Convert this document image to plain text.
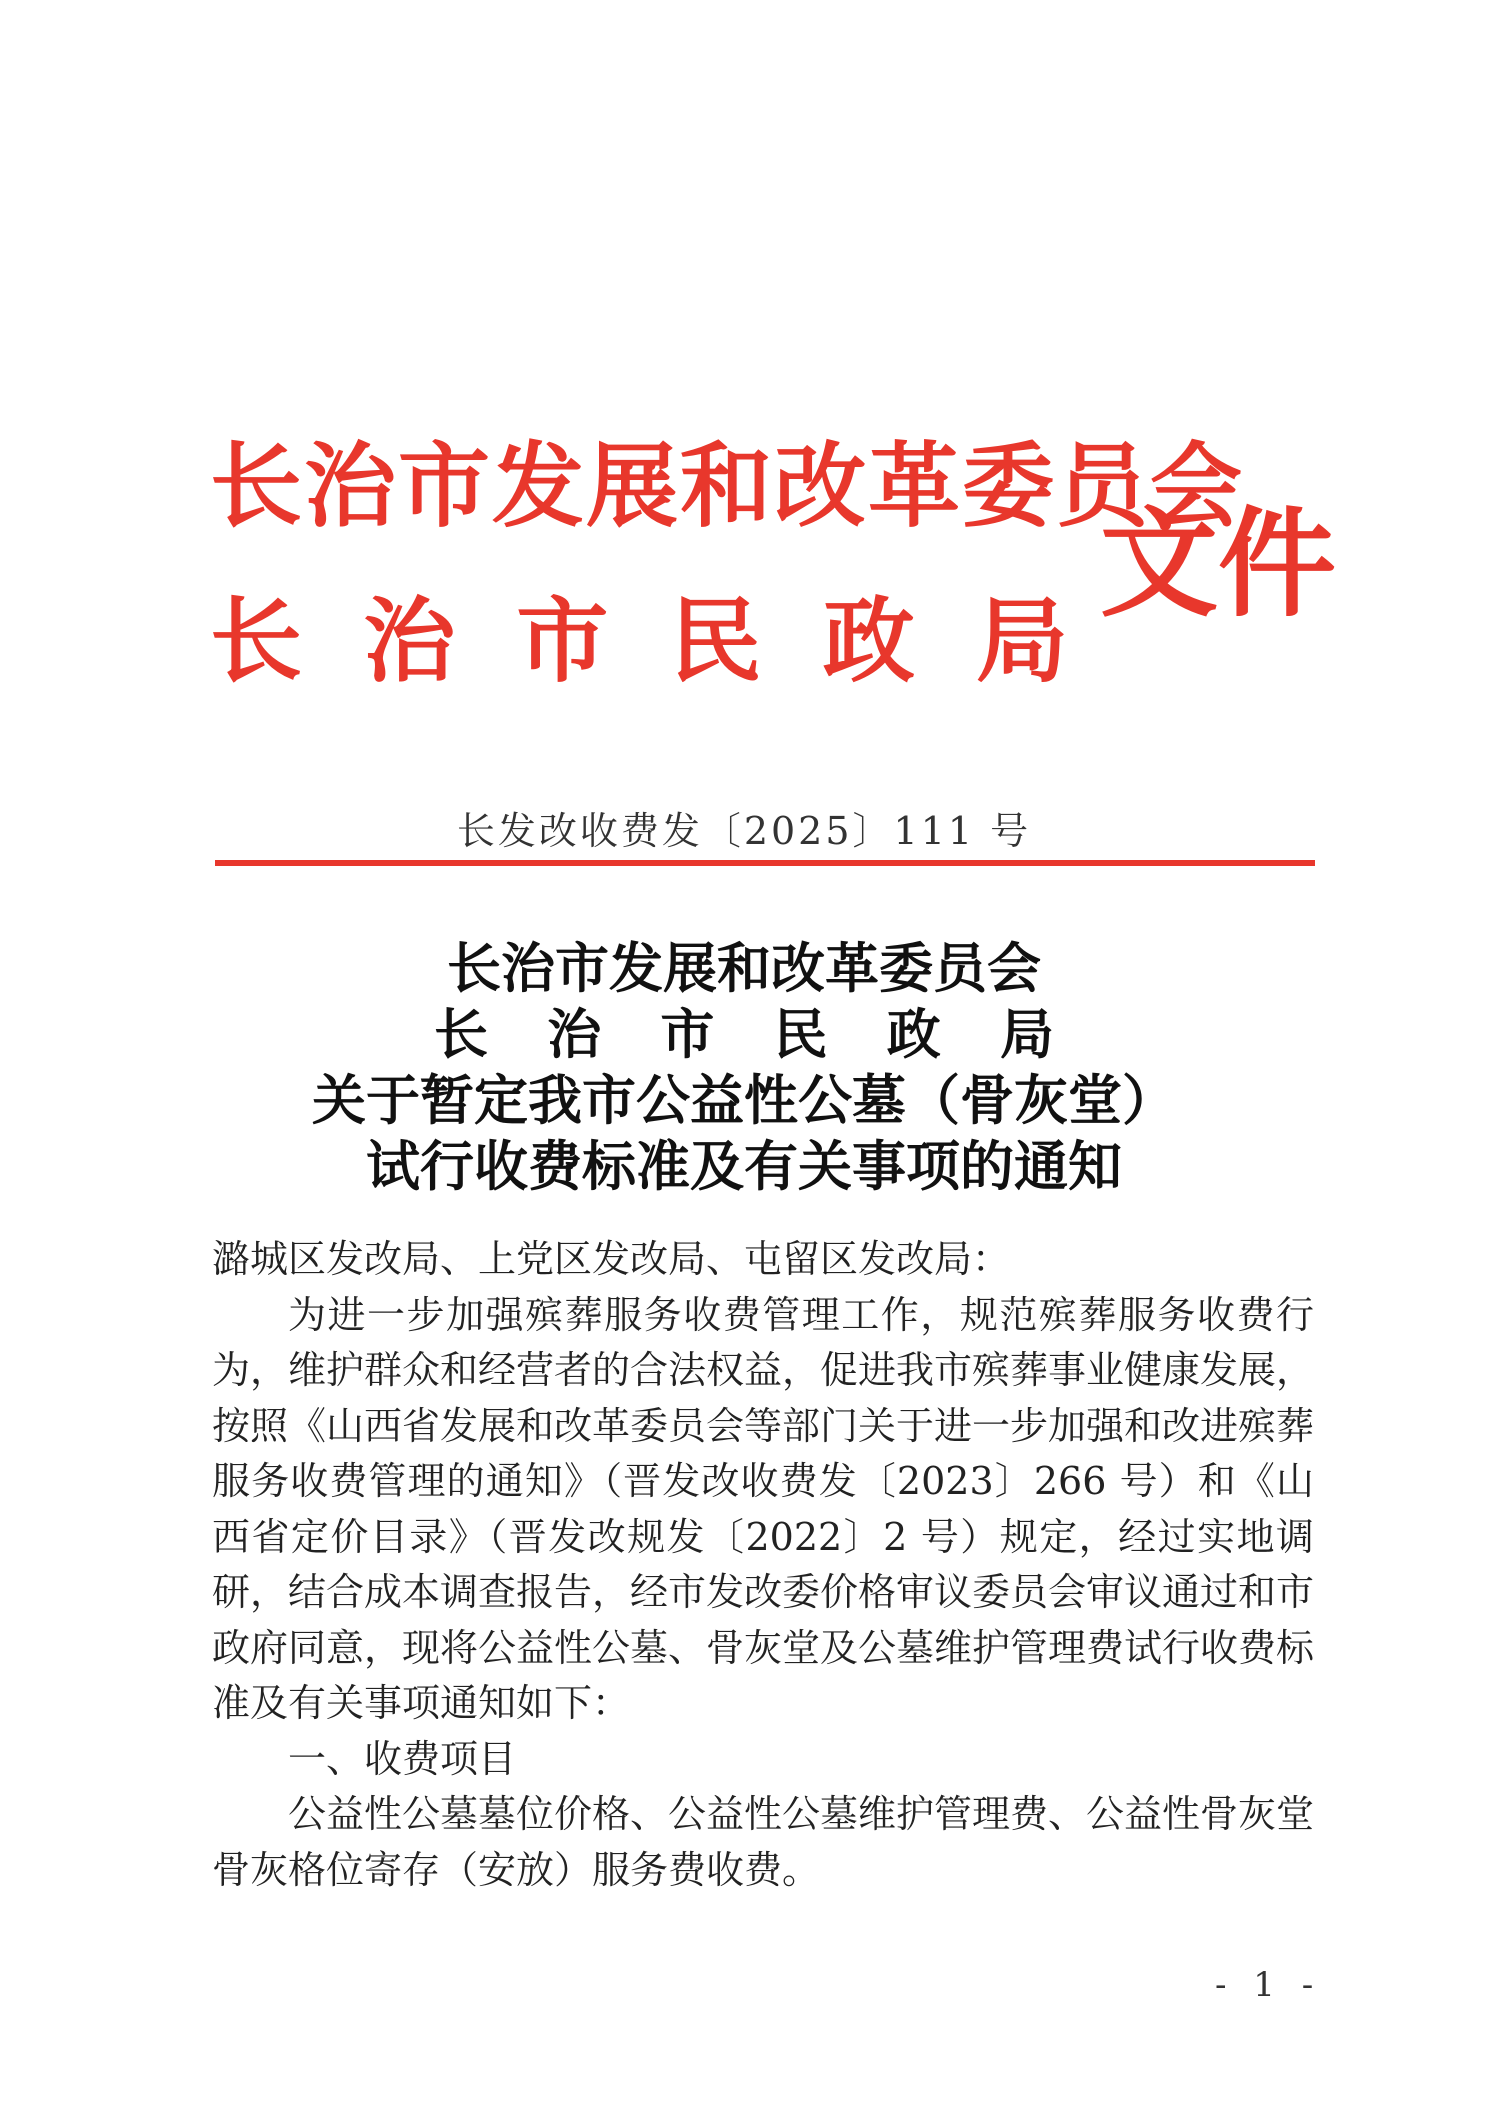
长治市发展和改革委员会
长 治 市 民 政 局
文件
长发改收费发〔2025〕111 号
长治市发展和改革委员会
长 治 市 民 政 局
关于暂定我市公益性公墓（骨灰堂）
试行收费标准及有关事项的通知

潞城区发改局、上党区发改局、屯留区发改局：

为进一步加强殡葬服务收费管理工作，规范殡葬服务收费行为，维护群众和经营者的合法权益，促进我市殡葬事业健康发展，按照《山西省发展和改革委员会等部门关于进一步加强和改进殡葬服务收费管理的通知》（晋发改收费发〔2023〕266 号）和《山西省定价目录》（晋发改规发〔2022〕2 号）规定，经过实地调研，结合成本调查报告，经市发改委价格审议委员会审议通过和市政府同意，现将公益性公墓、骨灰堂及公墓维护管理费试行收费标准及有关事项通知如下：

一、收费项目

公益性公墓墓位价格、公益性公墓维护管理费、公益性骨灰堂骨灰格位寄存（安放）服务费收费。

- 1 -
